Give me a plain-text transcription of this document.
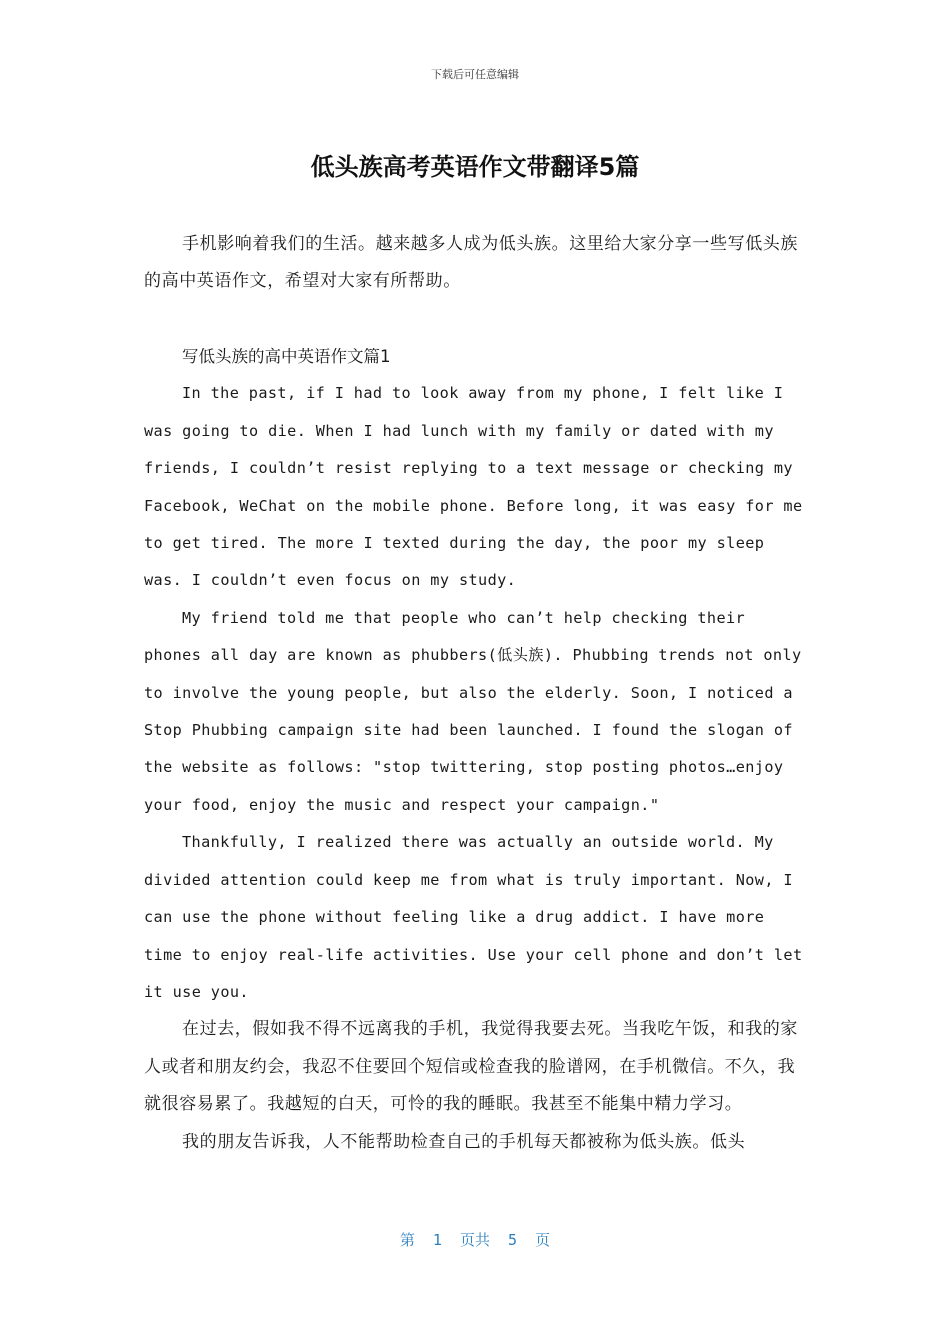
下载后可任意编辑
低头族高考英语作文带翻译5篇

手机影响着我们的生活。越来越多人成为低头族。这里给大家分享一些写低头族的高中英语作文，希望对大家有所帮助。

写低头族的高中英语作文篇1

In the past, if I had to look away from my phone, I felt like I was going to die. When I had lunch with my family or dated with my friends, I couldn’t resist replying to a text message or checking my Facebook, WeChat on the mobile phone. Before long, it was easy for me to get tired. The more I texted during the day, the poor my sleep was. I couldn’t even focus on my study.

My friend told me that people who can’t help checking their phones all day are known as phubbers(低头族). Phubbing trends not only to involve the young people, but also the elderly. Soon, I noticed a Stop Phubbing campaign site had been launched. I found the slogan of the website as follows: "stop twittering, stop posting photos…enjoy your food, enjoy the music and respect your campaign."

Thankfully, I realized there was actually an outside world. My divided attention could keep me from what is truly important. Now, I can use the phone without feeling like a drug addict. I have more time to enjoy real-life activities. Use your cell phone and don’t let it use you.

在过去，假如我不得不远离我的手机，我觉得我要去死。当我吃午饭，和我的家人或者和朋友约会，我忍不住要回个短信或检查我的脸谱网，在手机微信。不久，我就很容易累了。我越短的白天，可怜的我的睡眠。我甚至不能集中精力学习。

我的朋友告诉我，人不能帮助检查自己的手机每天都被称为低头族。低头

第 1 页共 5 页
